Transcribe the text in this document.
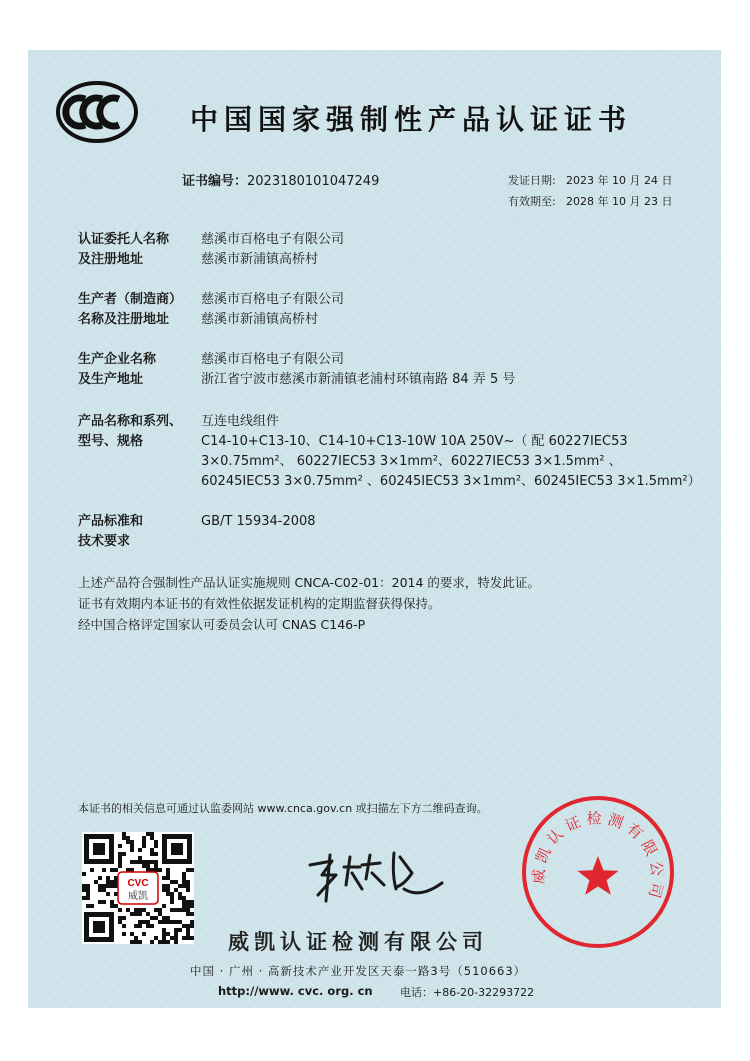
中国国家强制性产品认证证书
证书编号：2023180101047249	发证日期: 2023 年 10 月 24 日
有效期至: 2028 年 10 月 23 日
认证委托人名称
及注册地址
慈溪市百格电子有限公司
慈溪市新浦镇高桥村
生产者（制造商）
名称及注册地址
慈溪市百格电子有限公司
慈溪市新浦镇高桥村
生产企业名称
及生产地址
慈溪市百格电子有限公司
浙江省宁波市慈溪市新浦镇老浦村环镇南路 84 弄 5 号
产品名称和系列、
型号、规格
互连电线组件
C14-10+C13-10、C14-10+C13-10W 10A 250V~（ 配 60227IEC53
3×0.75mm²、 60227IEC53 3×1mm²、60227IEC53 3×1.5mm² 、
60245IEC53 3×0.75mm² 、60245IEC53 3×1mm²、60245IEC53 3×1.5mm²）
产品标准和
技术要求
GB/T 15934-2008
上述产品符合强制性产品认证实施规则 CNCA-C02-01：2014 的要求，特发此证。
证书有效期内本证书的有效性依据发证机构的定期监督获得保持。
经中国合格评定国家认可委员会认可 CNAS C146-P
本证书的相关信息可通过认监委网站 www.cnca.gov.cn 或扫描左下方二维码查询。
CVC
威凯
威凯认证检测有限公司
威凯认证检测有限公司
中国 · 广州 · 高新技术产业开发区天泰一路3号（510663）
http://www. cvc. org. cn 电话：+86-20-32293722
